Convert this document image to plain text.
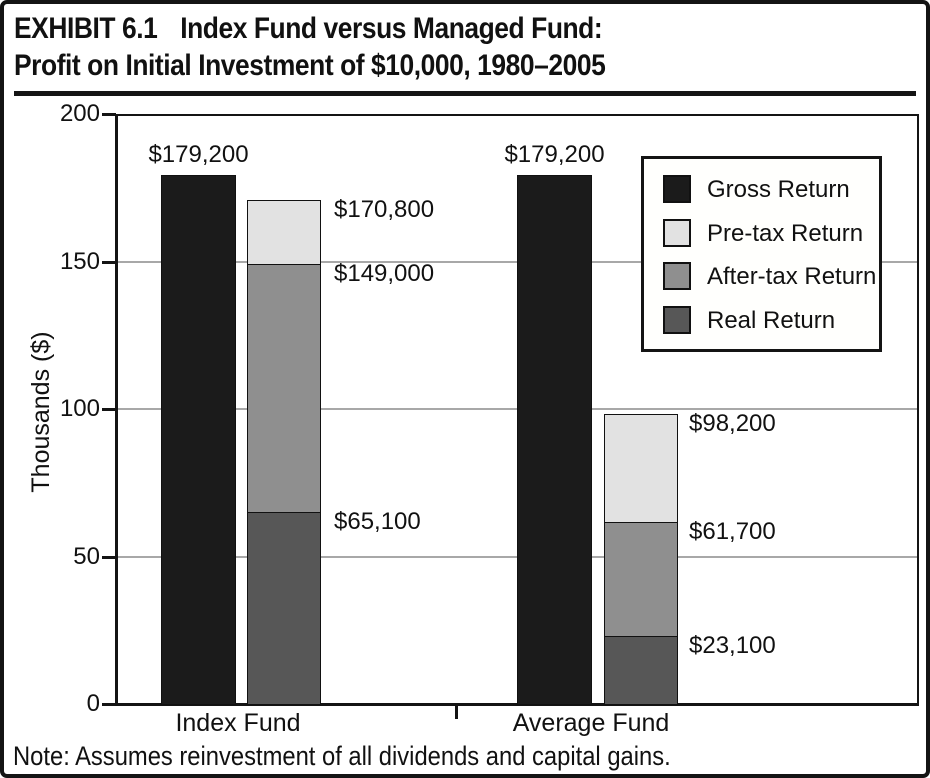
EXHIBIT 6.1 Index Fund versus Managed Fund:
Profit on Initial Investment of $10,000, 1980–2005
Thousands ($)
0
50
100
150
200
$179,200
$170,800
$149,000
$65,100
Index Fund
$179,200
$98,200
$61,700
$23,100
Average Fund
Gross Return
Pre-tax Return
After-tax Return
Real Return
Note: Assumes reinvestment of all dividends and capital gains.
